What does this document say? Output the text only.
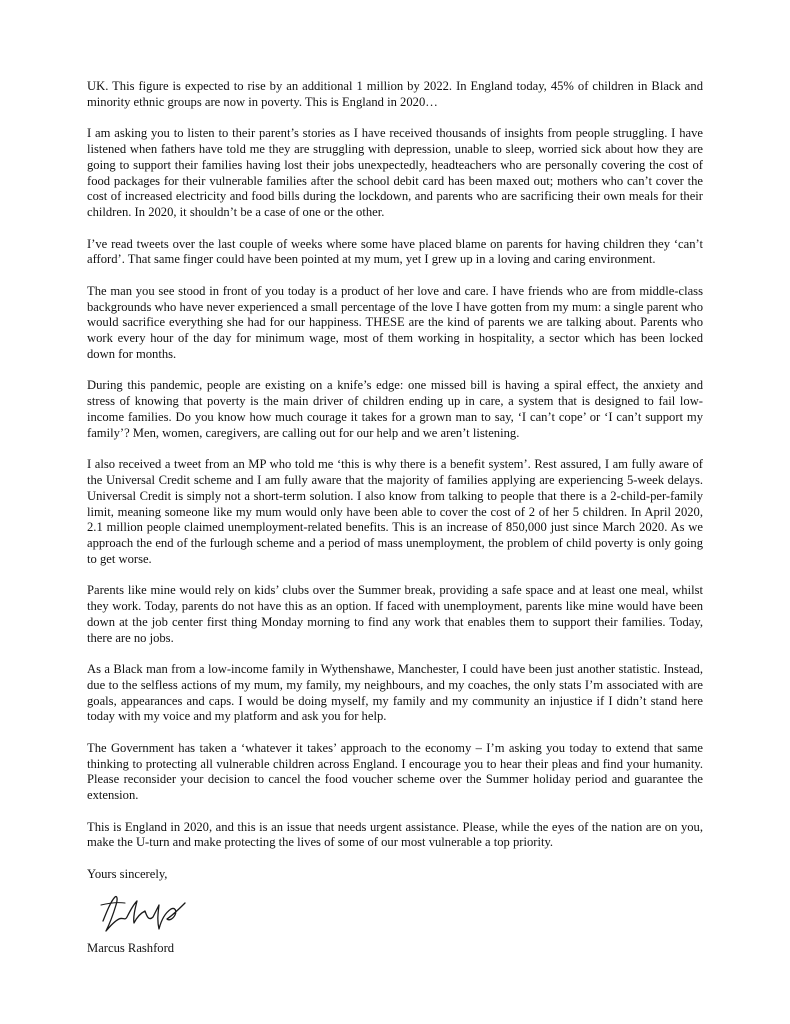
UK. This figure is expected to rise by an additional 1 million by 2022. In England today, 45% of children in Black and minority ethnic groups are now in poverty. This is England in 2020…

I am asking you to listen to their parent’s stories as I have received thousands of insights from people struggling. I have listened when fathers have told me they are struggling with depression, unable to sleep, worried sick about how they are going to support their families having lost their jobs unexpectedly, headteachers who are personally covering the cost of food packages for their vulnerable families after the school debit card has been maxed out; mothers who can’t cover the cost of increased electricity and food bills during the lockdown, and parents who are sacrificing their own meals for their children. In 2020, it shouldn’t be a case of one or the other.

I’ve read tweets over the last couple of weeks where some have placed blame on parents for having children they ‘can’t afford’. That same finger could have been pointed at my mum, yet I grew up in a loving and caring environment.

The man you see stood in front of you today is a product of her love and care. I have friends who are from middle-class backgrounds who have never experienced a small percentage of the love I have gotten from my mum: a single parent who would sacrifice everything she had for our happiness. THESE are the kind of parents we are talking about. Parents who work every hour of the day for minimum wage, most of them working in hospitality, a sector which has been locked down for months.

During this pandemic, people are existing on a knife’s edge: one missed bill is having a spiral effect, the anxiety and stress of knowing that poverty is the main driver of children ending up in care, a system that is designed to fail low-income families. Do you know how much courage it takes for a grown man to say, ‘I can’t cope’ or ‘I can’t support my family’? Men, women, caregivers, are calling out for our help and we aren’t listening.

I also received a tweet from an MP who told me ‘this is why there is a benefit system’. Rest assured, I am fully aware of the Universal Credit scheme and I am fully aware that the majority of families applying are experiencing 5-week delays. Universal Credit is simply not a short-term solution. I also know from talking to people that there is a 2-child-per-family limit, meaning someone like my mum would only have been able to cover the cost of 2 of her 5 children. In April 2020, 2.1 million people claimed unemployment-related benefits. This is an increase of 850,000 just since March 2020. As we approach the end of the furlough scheme and a period of mass unemployment, the problem of child poverty is only going to get worse.

Parents like mine would rely on kids’ clubs over the Summer break, providing a safe space and at least one meal, whilst they work. Today, parents do not have this as an option. If faced with unemployment, parents like mine would have been down at the job center first thing Monday morning to find any work that enables them to support their families. Today, there are no jobs.

As a Black man from a low-income family in Wythenshawe, Manchester, I could have been just another statistic. Instead, due to the selfless actions of my mum, my family, my neighbours, and my coaches, the only stats I’m associated with are goals, appearances and caps. I would be doing myself, my family and my community an injustice if I didn’t stand here today with my voice and my platform and ask you for help.

The Government has taken a ‘whatever it takes’ approach to the economy – I’m asking you today to extend that same thinking to protecting all vulnerable children across England. I encourage you to hear their pleas and find your humanity. Please reconsider your decision to cancel the food voucher scheme over the Summer holiday period and guarantee the extension.

This is England in 2020, and this is an issue that needs urgent assistance. Please, while the eyes of the nation are on you, make the U-turn and make protecting the lives of some of our most vulnerable a top priority.

Yours sincerely,
Marcus Rashford
